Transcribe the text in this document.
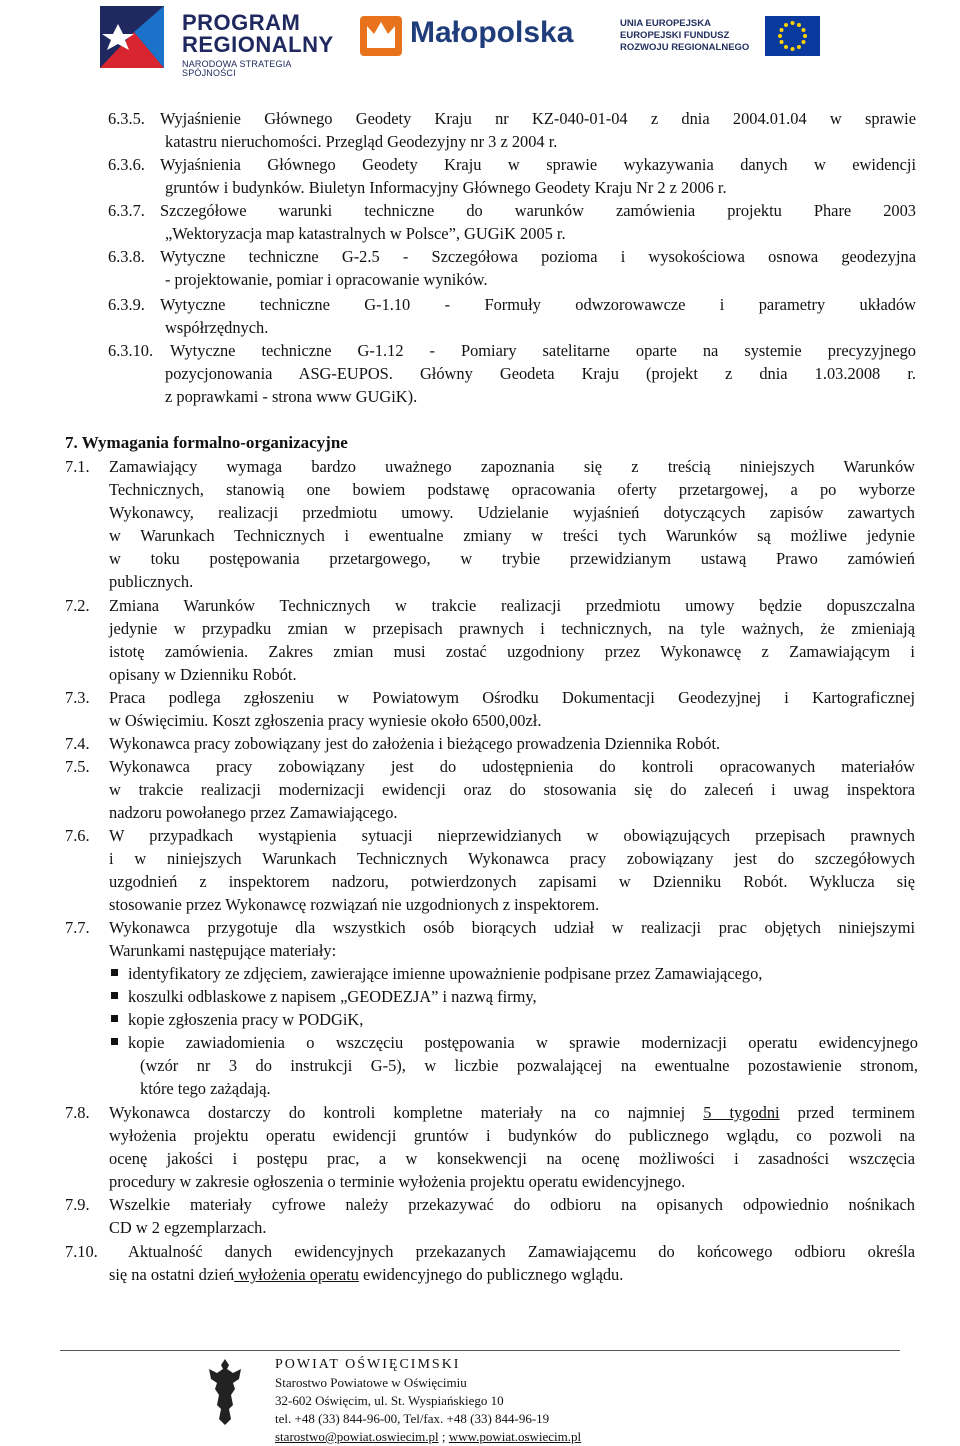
PROGRAM
REGIONALNY
NARODOWA STRATEGIA SPÓJNOŚCI
Małopolska	UNIA EUROPEJSKA
EUROPEJSKI FUNDUSZ
ROZWOJU REGIONALNEGO
6.3.5. Wyjaśnienie Głównego Geodety Kraju nr KZ-040-01-04 z dnia 2004.01.04 w sprawie
katastru nieruchomości. Przegląd Geodezyjny nr 3 z 2004 r.
6.3.6. Wyjaśnienia Głównego Geodety Kraju w sprawie wykazywania danych w ewidencji
gruntów i budynków. Biuletyn Informacyjny Głównego Geodety Kraju Nr 2 z 2006 r.
6.3.7. Szczegółowe warunki techniczne do warunków zamówienia projektu Phare 2003
„Wektoryzacja map katastralnych w Polsce”, GUGiK 2005 r.
6.3.8. Wytyczne techniczne G-2.5 - Szczegółowa pozioma i wysokościowa osnowa geodezyjna
- projektowanie, pomiar i opracowanie wyników.
6.3.9. Wytyczne techniczne G-1.10 - Formuły odwzorowawcze i parametry układów
współrzędnych.
6.3.10. Wytyczne techniczne G-1.12 - Pomiary satelitarne oparte na systemie precyzyjnego
pozycjonowania ASG-EUPOS. Główny Geodeta Kraju (projekt z dnia 1.03.2008 r.
z poprawkami - strona www GUGiK).
7. Wymagania formalno-organizacyjne
7.1. Zamawiający wymaga bardzo uważnego zapoznania się z treścią niniejszych Warunków
Technicznych, stanowią one bowiem podstawę opracowania oferty przetargowej, a po wyborze
Wykonawcy, realizacji przedmiotu umowy. Udzielanie wyjaśnień dotyczących zapisów zawartych
w Warunkach Technicznych i ewentualne zmiany w treści tych Warunków są możliwe jedynie
w toku postępowania przetargowego, w trybie przewidzianym ustawą Prawo zamówień
publicznych.
7.2. Zmiana Warunków Technicznych w trakcie realizacji przedmiotu umowy będzie dopuszczalna
jedynie w przypadku zmian w przepisach prawnych i technicznych, na tyle ważnych, że zmieniają
istotę zamówienia. Zakres zmian musi zostać uzgodniony przez Wykonawcę z Zamawiającym i
opisany w Dzienniku Robót.
7.3. Praca podlega zgłoszeniu w Powiatowym Ośrodku Dokumentacji Geodezyjnej i Kartograficznej
w Oświęcimiu. Koszt zgłoszenia pracy wyniesie około 6500,00zł.
7.4. Wykonawca pracy zobowiązany jest do założenia i bieżącego prowadzenia Dziennika Robót.
7.5. Wykonawca pracy zobowiązany jest do udostępnienia do kontroli opracowanych materiałów
w trakcie realizacji modernizacji ewidencji oraz do stosowania się do zaleceń i uwag inspektora
nadzoru powołanego przez Zamawiającego.
7.6. W przypadkach wystąpienia sytuacji nieprzewidzianych w obowiązujących przepisach prawnych
i w niniejszych Warunkach Technicznych Wykonawca pracy zobowiązany jest do szczegółowych
uzgodnień z inspektorem nadzoru, potwierdzonych zapisami w Dzienniku Robót. Wyklucza się
stosowanie przez Wykonawcę rozwiązań nie uzgodnionych z inspektorem.
7.7. Wykonawca przygotuje dla wszystkich osób biorących udział w realizacji prac objętych niniejszymi
Warunkami następujące materiały:
identyfikatory ze zdjęciem, zawierające imienne upoważnienie podpisane przez Zamawiającego,
koszulki odblaskowe z napisem „GEODEZJA” i nazwą firmy,
kopie zgłoszenia pracy w PODGiK,
kopie zawiadomienia o wszczęciu postępowania w sprawie modernizacji operatu ewidencyjnego
(wzór nr 3 do instrukcji G-5), w liczbie pozwalającej na ewentualne pozostawienie stronom,
które tego zażądają.
7.8. Wykonawca dostarczy do kontroli kompletne materiały na co najmniej 5 tygodni przed terminem
wyłożenia projektu operatu ewidencji gruntów i budynków do publicznego wglądu, co pozwoli na
ocenę jakości i postępu prac, a w konsekwencji na ocenę możliwości i zasadności wszczęcia
procedury w zakresie ogłoszenia o terminie wyłożenia projektu operatu ewidencyjnego.
7.9. Wszelkie materiały cyfrowe należy przekazywać do odbioru na opisanych odpowiednio nośnikach
CD w 2 egzemplarzach.
7.10. Aktualność danych ewidencyjnych przekazanych Zamawiającemu do końcowego odbioru określa
się na ostatni dzień wyłożenia operatu ewidencyjnego do publicznego wglądu.
POWIAT OŚWIĘCIMSKI
Starostwo Powiatowe w Oświęcimiu
32-602 Oświęcim, ul. St. Wyspiańskiego 10
tel. +48 (33) 844-96-00, Tel/fax. +48 (33) 844-96-19
starostwo@powiat.oswiecim.pl ; www.powiat.oswiecim.pl
